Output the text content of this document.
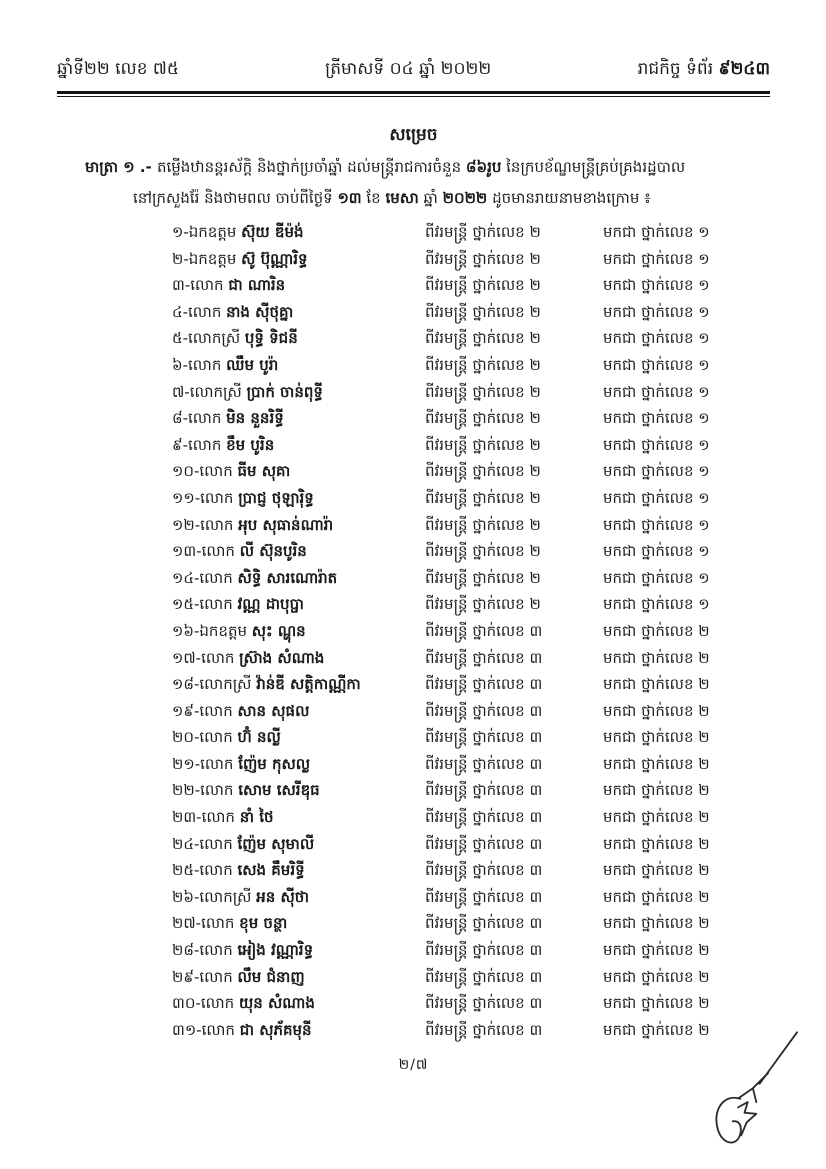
ឆ្នាំទី២២ លេខ ៧៥	ត្រីមាសទី ០៤ ឆ្នាំ ២០២២	រាជកិច្ច ទំព័រ ៩២៤៣
សម្រេច
មាត្រា ១ .- តម្លើងឋានន្តរស័ក្តិ និងថ្នាក់ប្រចាំឆ្នាំ ដល់មន្ត្រីរាជការចំនួន ៨៦រូប នៃក្របខ័ណ្ឌមន្ត្រីគ្រប់គ្រងរដ្ឋបាល
នៅក្រសួងរ៉ែ និងថាមពល ចាប់ពីថ្ងៃទី ១៣ ខែ មេសា ឆ្នាំ ២០២២ ដូចមានរាយនាមខាងក្រោម ៖
១-ឯកឧត្តម ស៊ុយ ឌីម៉ង់	ពីវរមន្ត្រី ថ្នាក់លេខ ២	មកជា ថ្នាក់លេខ ១
២-ឯកឧត្តម ស៊ូ ប៊ុណ្ណារិទ្ធ	ពីវរមន្ត្រី ថ្នាក់លេខ ២	មកជា ថ្នាក់លេខ ១
៣-លោក ជា ណារិន	ពីវរមន្ត្រី ថ្នាក់លេខ ២	មកជា ថ្នាក់លេខ ១
៤-លោក នាង ស៊ីថុគ្នា	ពីវរមន្ត្រី ថ្នាក់លេខ ២	មកជា ថ្នាក់លេខ ១
៥-លោកស្រី បុទ្ធិ ទិជនី	ពីវរមន្ត្រី ថ្នាក់លេខ ២	មកជា ថ្នាក់លេខ ១
៦-លោក ឈឹម បូរ៉ា	ពីវរមន្ត្រី ថ្នាក់លេខ ២	មកជា ថ្នាក់លេខ ១
៧-លោកស្រី ប្រាក់ ចាន់ពុទ្ធី	ពីវរមន្ត្រី ថ្នាក់លេខ ២	មកជា ថ្នាក់លេខ ១
៨-លោក មិន នួនរិទ្ធី	ពីវរមន្ត្រី ថ្នាក់លេខ ២	មកជា ថ្នាក់លេខ ១
៩-លោក ខឹម បូរិន	ពីវរមន្ត្រី ថ្នាក់លេខ ២	មកជា ថ្នាក់លេខ ១
១០-លោក ធីម សុគា	ពីវរមន្ត្រី ថ្នាក់លេខ ២	មកជា ថ្នាក់លេខ ១
១១-លោក ប្រាជ្ញ ថុឡារ៉ិទ្ធ	ពីវរមន្ត្រី ថ្នាក់លេខ ២	មកជា ថ្នាក់លេខ ១
១២-លោក អុប សុធាន់ណារ៉ា	ពីវរមន្ត្រី ថ្នាក់លេខ ២	មកជា ថ្នាក់លេខ ១
១៣-លោក លី ស៊ុនបូរិន	ពីវរមន្ត្រី ថ្នាក់លេខ ២	មកជា ថ្នាក់លេខ ១
១៤-លោក សិទ្ធិ សារណោរ៉ាត	ពីវរមន្ត្រី ថ្នាក់លេខ ២	មកជា ថ្នាក់លេខ ១
១៥-លោក វណ្ណ ដាបុប្ផា	ពីវរមន្ត្រី ថ្នាក់លេខ ២	មកជា ថ្នាក់លេខ ១
១៦-ឯកឧត្តម សុះ ណ្ហុន	ពីវរមន្ត្រី ថ្នាក់លេខ ៣	មកជា ថ្នាក់លេខ ២
១៧-លោក ស្រ៊ាង សំណាង	ពីវរមន្ត្រី ថ្នាក់លេខ ៣	មកជា ថ្នាក់លេខ ២
១៨-លោកស្រី វ៉ាន់ឌី សត្តិកាណ្ណីកា	ពីវរមន្ត្រី ថ្នាក់លេខ ៣	មកជា ថ្នាក់លេខ ២
១៩-លោក សាន សុផល	ពីវរមន្ត្រី ថ្នាក់លេខ ៣	មកជា ថ្នាក់លេខ ២
២០-លោក ហ៊ំ នល្លី	ពីវរមន្ត្រី ថ្នាក់លេខ ៣	មកជា ថ្នាក់លេខ ២
២១-លោក ញ៉ែម កុសល្ល	ពីវរមន្ត្រី ថ្នាក់លេខ ៣	មកជា ថ្នាក់លេខ ២
២២-លោក សោម សេរីឌុធ	ពីវរមន្ត្រី ថ្នាក់លេខ ៣	មកជា ថ្នាក់លេខ ២
២៣-លោក នាំ ថៃ	ពីវរមន្ត្រី ថ្នាក់លេខ ៣	មកជា ថ្នាក់លេខ ២
២៤-លោក ញ៉ែម សុមាលី	ពីវរមន្ត្រី ថ្នាក់លេខ ៣	មកជា ថ្នាក់លេខ ២
២៥-លោក សេង គឹមរិទ្ធី	ពីវរមន្ត្រី ថ្នាក់លេខ ៣	មកជា ថ្នាក់លេខ ២
២៦-លោកស្រី អន ស៊ីថា	ពីវរមន្ត្រី ថ្នាក់លេខ ៣	មកជា ថ្នាក់លេខ ២
២៧-លោក ខុម ចន្ថា	ពីវរមន្ត្រី ថ្នាក់លេខ ៣	មកជា ថ្នាក់លេខ ២
២៨-លោក អៀង វណ្ណារិទ្ធ	ពីវរមន្ត្រី ថ្នាក់លេខ ៣	មកជា ថ្នាក់លេខ ២
២៩-លោក លឹម ជំនាញ	ពីវរមន្ត្រី ថ្នាក់លេខ ៣	មកជា ថ្នាក់លេខ ២
៣០-លោក យុន សំណាង	ពីវរមន្ត្រី ថ្នាក់លេខ ៣	មកជា ថ្នាក់លេខ ២
៣១-លោក ជា សុភ័គមុនី	ពីវរមន្ត្រី ថ្នាក់លេខ ៣	មកជា ថ្នាក់លេខ ២
២/៧
